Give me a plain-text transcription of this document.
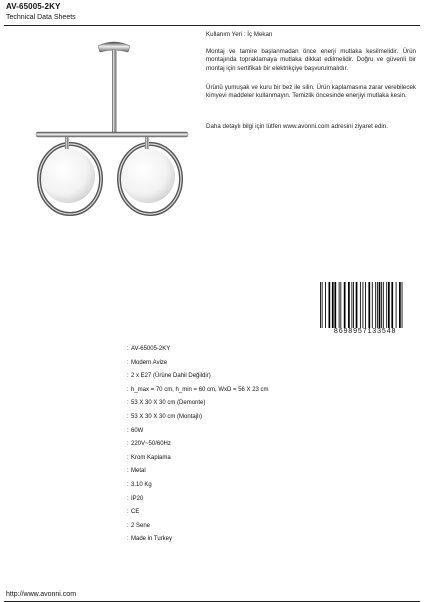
AV-65005-2KY
Technical Data Sheets
Kullanım Yeri : İç Mekan
Montaj ve tamire başlanmadan önce enerji mutlaka kesilmelidir. Ürün montajında topraklamaya mutlaka dikkat edilmelidir. Doğru ve güvenli bir montaj için sertifikalı bir elektrikçiye başvurulmalıdır.
Ürünü yumuşak ve kuru bir bez ile silin. Ürün kaplamasına zarar verebilecek kimyevi maddeler kullanmayın. Temizlik öncesinde enerjiyi mutlaka kesin.
Daha detaylı bilgi için lütfen www.avonni.com adresini ziyaret edin.
8698957133548
: AV-65005-2KY
: Modern Avize
: 2 x E27 (Ürüne Dahil Değildir)
: h_max = 70 cm, h_min = 60 cm, WxD = 56 X 23 cm
: 53 X 30 X 30 cm (Demonte)
: 53 X 30 X 30 cm (Montajlı)
: 60W
: 220V~50/60Hz
: Krom Kaplama
: Metal
: 3.10 Kg
: IP20
: CE
: 2 Sene
: Made in Turkey
http://www.avonni.com
